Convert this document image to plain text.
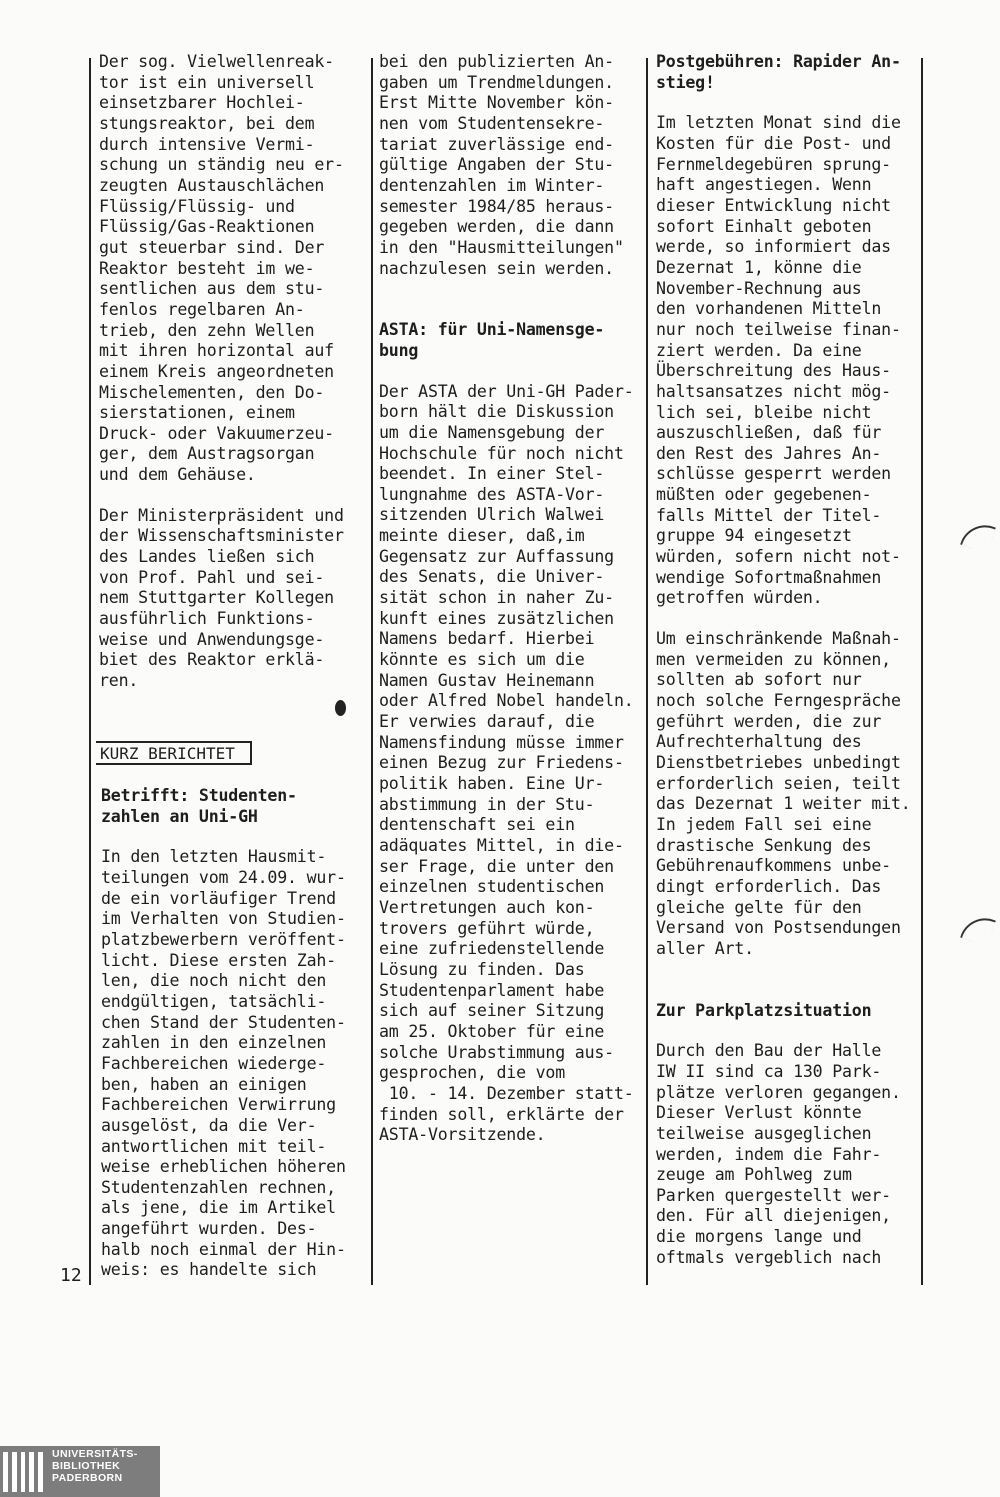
12

Der sog. Vielwellenreak-
tor ist ein universell
einsetzbarer Hochlei-
stungsreaktor, bei dem
durch intensive Vermi-
schung un ständig neu er-
zeugten Austauschlächen
Flüssig/Flüssig- und
Flüssig/Gas-Reaktionen
gut steuerbar sind. Der
Reaktor besteht im we-
sentlichen aus dem stu-
fenlos regelbaren An-
trieb, den zehn Wellen
mit ihren horizontal auf
einem Kreis angeordneten
Mischelementen, den Do-
sierstationen, einem
Druck- oder Vakuumerzeu-
ger, dem Austragsorgan
und dem Gehäuse.

Der Ministerpräsident und
der Wissenschaftsminister
des Landes ließen sich
von Prof. Pahl und sei-
nem Stuttgarter Kollegen
ausführlich Funktions-
weise und Anwendungsge-
biet des Reaktor erklä-
ren.

KURZ BERICHTET
Betrifft: Studenten-
zahlen an Uni-GH

In den letzten Hausmit-
teilungen vom 24.09. wur-
de ein vorläufiger Trend
im Verhalten von Studien-
platzbewerbern veröffent-
licht. Diese ersten Zah-
len, die noch nicht den
endgültigen, tatsächli-
chen Stand der Studenten-
zahlen in den einzelnen
Fachbereichen wiederge-
ben, haben an einigen
Fachbereichen Verwirrung
ausgelöst, da die Ver-
antwortlichen mit teil-
weise erheblichen höheren
Studentenzahlen rechnen,
als jene, die im Artikel
angeführt wurden. Des-
halb noch einmal der Hin-
weis: es handelte sich

bei den publizierten An-
gaben um Trendmeldungen.
Erst Mitte November kön-
nen vom Studentensekre-
tariat zuverlässige end-
gültige Angaben der Stu-
dentenzahlen im Winter-
semester 1984/85 heraus-
gegeben werden, die dann
in den "Hausmitteilungen"
nachzulesen sein werden.

ASTA: für Uni-Namensge-
bung

Der ASTA der Uni-GH Pader-
born hält die Diskussion
um die Namensgebung der
Hochschule für noch nicht
beendet. In einer Stel-
lungnahme des ASTA-Vor-
sitzenden Ulrich Walwei
meinte dieser, daß,im
Gegensatz zur Auffassung
des Senats, die Univer-
sität schon in naher Zu-
kunft eines zusätzlichen
Namens bedarf. Hierbei
könnte es sich um die
Namen Gustav Heinemann
oder Alfred Nobel handeln.
Er verwies darauf, die
Namensfindung müsse immer
einen Bezug zur Friedens-
politik haben. Eine Ur-
abstimmung in der Stu-
dentenschaft sei ein
adäquates Mittel, in die-
ser Frage, die unter den
einzelnen studentischen
Vertretungen auch kon-
trovers geführt würde,
eine zufriedenstellende
Lösung zu finden. Das
Studentenparlament habe
sich auf seiner Sitzung
am 25. Oktober für eine
solche Urabstimmung aus-
gesprochen, die vom
10. - 14. Dezember statt-
finden soll, erklärte der
ASTA-Vorsitzende.

Postgebühren: Rapider An-
stieg!

Im letzten Monat sind die
Kosten für die Post- und
Fernmeldegebüren sprung-
haft angestiegen. Wenn
dieser Entwicklung nicht
sofort Einhalt geboten
werde, so informiert das
Dezernat 1, könne die
November-Rechnung aus
den vorhandenen Mitteln
nur noch teilweise finan-
ziert werden. Da eine
Überschreitung des Haus-
haltsansatzes nicht mög-
lich sei, bleibe nicht
auszuschließen, daß für
den Rest des Jahres An-
schlüsse gesperrt werden
müßten oder gegebenen-
falls Mittel der Titel-
gruppe 94 eingesetzt
würden, sofern nicht not-
wendige Sofortmaßnahmen
getroffen würden.

Um einschränkende Maßnah-
men vermeiden zu können,
sollten ab sofort nur
noch solche Ferngespräche
geführt werden, die zur
Aufrechterhaltung des
Dienstbetriebes unbedingt
erforderlich seien, teilt
das Dezernat 1 weiter mit.
In jedem Fall sei eine
drastische Senkung des
Gebührenaufkommens unbe-
dingt erforderlich. Das
gleiche gelte für den
Versand von Postsendungen
aller Art.

Zur Parkplatzsituation

Durch den Bau der Halle
IW II sind ca 130 Park-
plätze verloren gegangen.
Dieser Verlust könnte
teilweise ausgeglichen
werden, indem die Fahr-
zeuge am Pohlweg zum
Parken quergestellt wer-
den. Für all diejenigen,
die morgens lange und
oftmals vergeblich nach

UNIVERSITÄTS-
BIBLIOTHEK
PADERBORN
